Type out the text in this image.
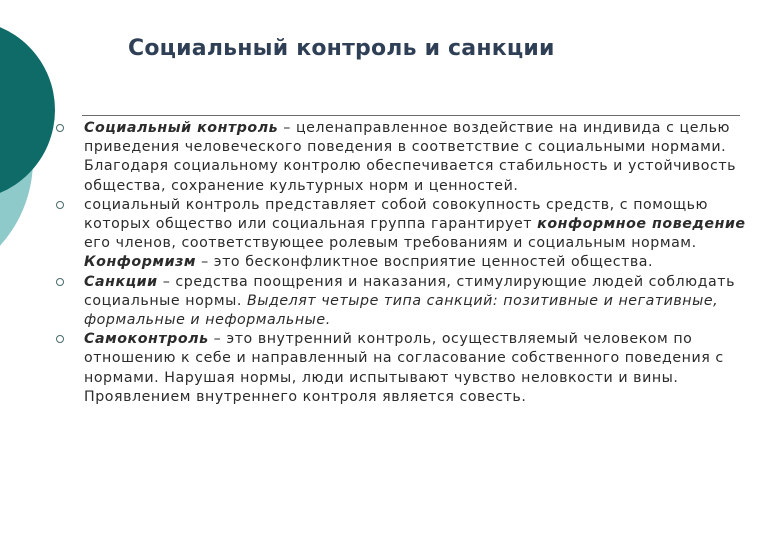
Социальный контроль и санкции
Социальный контроль – целенаправленное воздействие на индивида с целью приведения человеческого поведения в соответствие с социальными нормами. Благодаря социальному контролю обеспечивается стабильность и устойчивость общества, сохранение культурных норм и ценностей.
социальный контроль представляет собой совокупность средств, с помощью которых общество или социальная группа гарантирует конформное поведение его членов, соответствующее ролевым требованиям и социальным нормам. Конформизм – это бесконфликтное восприятие ценностей общества.
Санкции – средства поощрения и наказания, стимулирующие людей соблюдать социальные нормы. Выделят четыре типа санкций: позитивные и негативные, формальные и неформальные.
Самоконтроль – это внутренний контроль, осуществляемый человеком по отношению к себе и направленный на согласование собственного поведения с нормами. Нарушая нормы, люди испытывают чувство неловкости и вины. Проявлением внутреннего контроля является совесть.
